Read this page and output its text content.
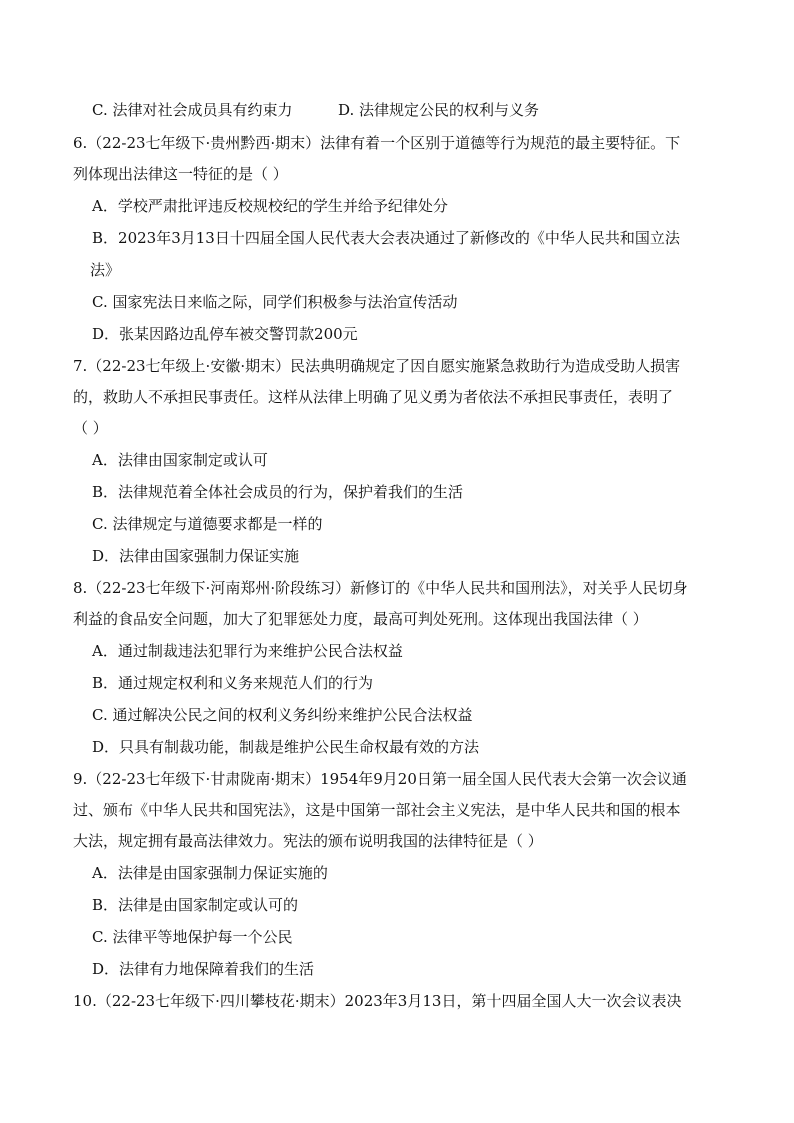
C. 法律对社会成员具有约束力	D. 法律规定公民的权利与义务
6.（22-23七年级下·贵州黔西·期末）法律有着一个区别于道德等行为规范的最主要特征。下
列体现出法律这一特征的是（ ）
A．学校严肃批评违反校规校纪的学生并给予纪律处分
B．2023年3月13日十四届全国人民代表大会表决通过了新修改的《中华人民共和国立法
法》
C. 国家宪法日来临之际，同学们积极参与法治宣传活动
D．张某因路边乱停车被交警罚款200元
7.（22-23七年级上·安徽·期末）民法典明确规定了因自愿实施紧急救助行为造成受助人损害
的，救助人不承担民事责任。这样从法律上明确了见义勇为者依法不承担民事责任，表明了
（ ）
A．法律由国家制定或认可
B．法律规范着全体社会成员的行为，保护着我们的生活
C. 法律规定与道德要求都是一样的
D．法律由国家强制力保证实施
8.（22-23七年级下·河南郑州·阶段练习）新修订的《中华人民共和国刑法》，对关乎人民切身
利益的食品安全问题，加大了犯罪惩处力度，最高可判处死刑。这体现出我国法律（ ）
A．通过制裁违法犯罪行为来维护公民合法权益
B．通过规定权利和义务来规范人们的行为
C. 通过解决公民之间的权利义务纠纷来维护公民合法权益
D．只具有制裁功能，制裁是维护公民生命权最有效的方法
9.（22-23七年级下·甘肃陇南·期末）1954年9月20日第一届全国人民代表大会第一次会议通
过、颁布《中华人民共和国宪法》，这是中国第一部社会主义宪法，是中华人民共和国的根本
大法，规定拥有最高法律效力。宪法的颁布说明我国的法律特征是（ ）
A．法律是由国家强制力保证实施的
B．法律是由国家制定或认可的
C. 法律平等地保护每一个公民
D．法律有力地保障着我们的生活
10.（22-23七年级下·四川攀枝花·期末）2023年3月13日，第十四届全国人大一次会议表决
